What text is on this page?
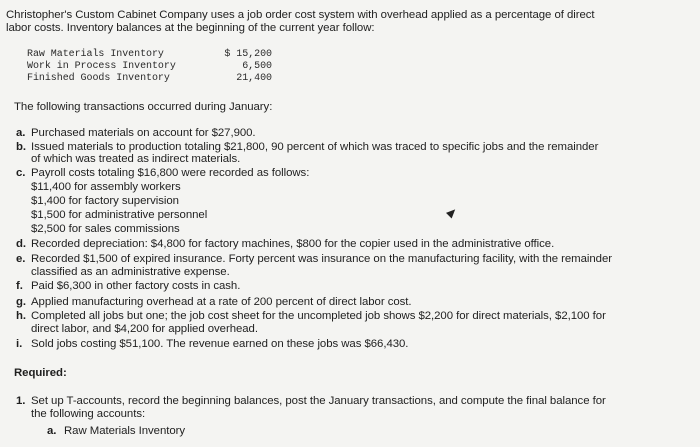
Christopher's Custom Cabinet Company uses a job order cost system with overhead applied as a percentage of direct
labor costs. Inventory balances at the beginning of the current year follow:
Raw Materials Inventory	$ 15,200
Work in Process Inventory	6,500
Finished Goods Inventory	21,400
The following transactions occurred during January:
a. Purchased materials on account for $27,900.
b. Issued materials to production totaling $21,800, 90 percent of which was traced to specific jobs and the remainder
of which was treated as indirect materials.
c. Payroll costs totaling $16,800 were recorded as follows:
$11,400 for assembly workers
$1,400 for factory supervision
$1,500 for administrative personnel
$2,500 for sales commissions
d. Recorded depreciation: $4,800 for factory machines, $800 for the copier used in the administrative office.
e. Recorded $1,500 of expired insurance. Forty percent was insurance on the manufacturing facility, with the remainder
classified as an administrative expense.
f. Paid $6,300 in other factory costs in cash.
g. Applied manufacturing overhead at a rate of 200 percent of direct labor cost.
h. Completed all jobs but one; the job cost sheet for the uncompleted job shows $2,200 for direct materials, $2,100 for
direct labor, and $4,200 for applied overhead.
i. Sold jobs costing $51,100. The revenue earned on these jobs was $66,430.
Required:
1. Set up T-accounts, record the beginning balances, post the January transactions, and compute the final balance for
the following accounts:
a. Raw Materials Inventory
